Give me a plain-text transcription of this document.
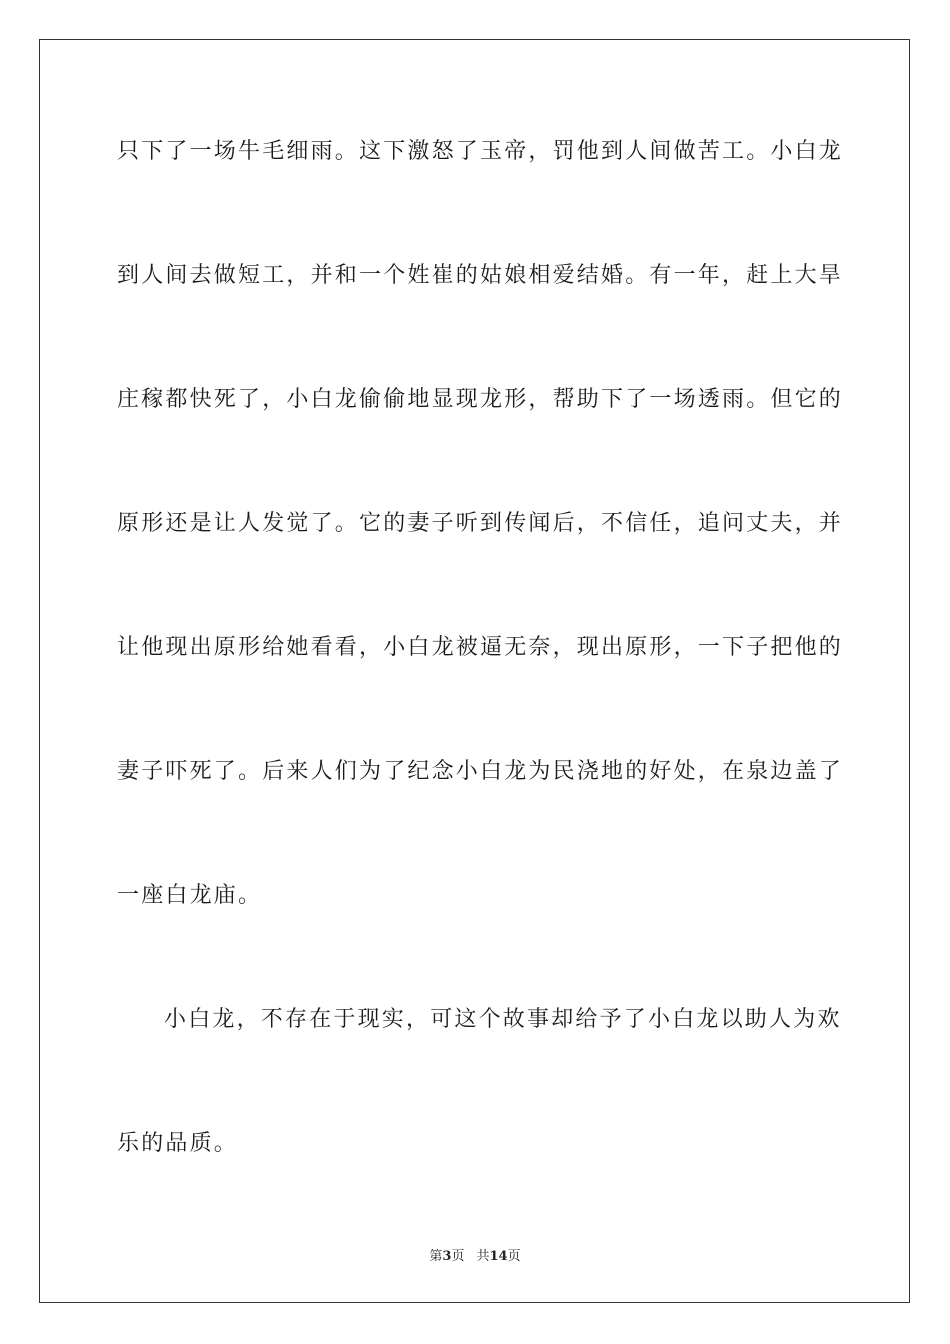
只下了一场牛毛细雨。这下激怒了玉帝，罚他到人间做苦工。小白龙
到人间去做短工，并和一个姓崔的姑娘相爱结婚。有一年，赶上大旱
庄稼都快死了，小白龙偷偷地显现龙形，帮助下了一场透雨。但它的
原形还是让人发觉了。它的妻子听到传闻后，不信任，追问丈夫，并
让他现出原形给她看看，小白龙被逼无奈，现出原形，一下子把他的
妻子吓死了。后来人们为了纪念小白龙为民浇地的好处，在泉边盖了
一座白龙庙。
小白龙，不存在于现实，可这个故事却给予了小白龙以助人为欢
乐的品质。
第3页 共14页
